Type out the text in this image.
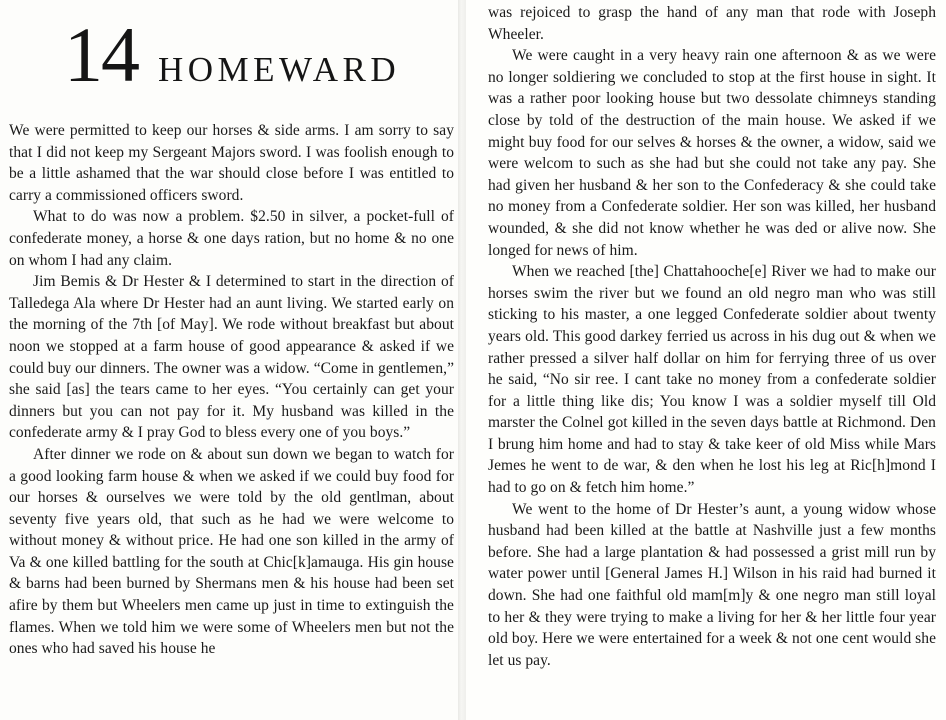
14 HOMEWARD

We were permitted to keep our horses & side arms. I am sorry to say that I did not keep my Sergeant Majors sword. I was foolish enough to be a little ashamed that the war should close before I was entitled to carry a commissioned officers sword.

What to do was now a problem. $2.50 in silver, a pocket-full of confederate money, a horse & one days ration, but no home & no one on whom I had any claim.

Jim Bemis & Dr Hester & I determined to start in the direction of Talledega Ala where Dr Hester had an aunt living. We started early on the morning of the 7th [of May]. We rode without breakfast but about noon we stopped at a farm house of good appearance & asked if we could buy our dinners. The owner was a widow. “Come in gentlemen,” she said [as] the tears came to her eyes. “You certainly can get your dinners but you can not pay for it. My husband was killed in the confederate army & I pray God to bless every one of you boys.”

After dinner we rode on & about sun down we began to watch for a good looking farm house & when we asked if we could buy food for our horses & ourselves we were told by the old gentlman, about seventy five years old, that such as he had we were welcome to without money & without price. He had one son killed in the army of Va & one killed battling for the south at Chic[k]amauga. His gin house & barns had been burned by Shermans men & his house had been set afire by them but Wheelers men came up just in time to extinguish the flames. When we told him we were some of Wheelers men but not the ones who had saved his house he

was rejoiced to grasp the hand of any man that rode with Joseph Wheeler.

We were caught in a very heavy rain one afternoon & as we were no longer soldiering we concluded to stop at the first house in sight. It was a rather poor looking house but two dessolate chimneys standing close by told of the destruction of the main house. We asked if we might buy food for our selves & horses & the owner, a widow, said we were welcom to such as she had but she could not take any pay. She had given her husband & her son to the Confederacy & she could take no money from a Confederate soldier. Her son was killed, her husband wounded, & she did not know whether he was ded or alive now. She longed for news of him.

When we reached [the] Chattahooche[e] River we had to make our horses swim the river but we found an old negro man who was still sticking to his master, a one legged Confederate soldier about twenty years old. This good darkey ferried us across in his dug out & when we rather pressed a silver half dollar on him for ferrying three of us over he said, “No sir ree. I cant take no money from a confederate soldier for a little thing like dis; You know I was a soldier myself till Old marster the Colnel got killed in the seven days battle at Richmond. Den I brung him home and had to stay & take keer of old Miss while Mars Jemes he went to de war, & den when he lost his leg at Ric[h]mond I had to go on & fetch him home.”

We went to the home of Dr Hester’s aunt, a young widow whose husband had been killed at the battle at Nashville just a few months before. She had a large plantation & had possessed a grist mill run by water power until [General James H.] Wilson in his raid had burned it down. She had one faithful old mam[m]y & one negro man still loyal to her & they were trying to make a living for her & her little four year old boy. Here we were entertained for a week & not one cent would she let us pay.
